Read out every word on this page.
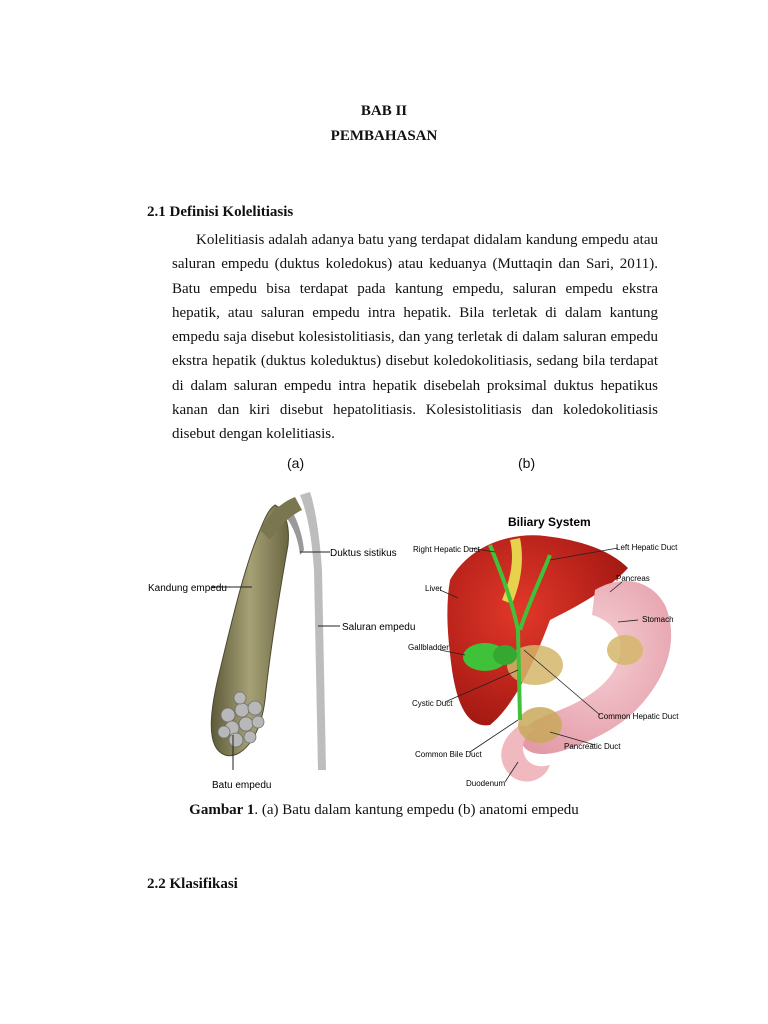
BAB II
PEMBAHASAN
2.1 Definisi Kolelitiasis

Kolelitiasis adalah adanya batu yang terdapat didalam kandung empedu atau saluran empedu (duktus koledokus) atau keduanya (Muttaqin dan Sari, 2011). Batu empedu bisa terdapat pada kantung empedu, saluran empedu ekstra hepatik, atau saluran empedu intra hepatik. Bila terletak di dalam kantung empedu saja disebut kolesistolitiasis, dan yang terletak di dalam saluran empedu ekstra hepatik (duktus koleduktus) disebut koledokolitiasis, sedang bila terdapat di dalam saluran empedu intra hepatik disebelah proksimal duktus hepatikus kanan dan kiri disebut hepatolitiasis. Kolesistolitiasis dan koledokolitiasis disebut dengan kolelitiasis.

(a)	(b)
Duktus sistikus
Kandung empedu
Saluran empedu
Batu empedu
Biliary System
Right Hepatic Duct	Left Hepatic Duct
Pancreas
Liver
Stomach
Gallbladder
Cystic Duct
Common Hepatic Duct
Common Bile Duct
Pancreatic Duct
Duodenum
Gambar 1. (a) Batu dalam kantung empedu (b) anatomi empedu
2.2 Klasifikasi
